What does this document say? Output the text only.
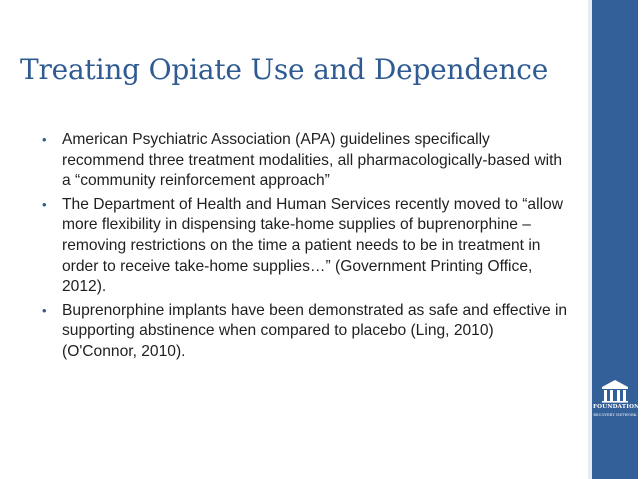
Treating Opiate Use and Dependence
• American Psychiatric Association (APA) guidelines specifically recommend three treatment modalities, all pharmacologically-based with a “community reinforcement approach”
• The Department of Health and Human Services recently moved to “allow more flexibility in dispensing take-home supplies of buprenorphine – removing restrictions on the time a patient needs to be in treatment in order to receive take-home supplies…” (Government Printing Office, 2012).
• Buprenorphine implants have been demonstrated as safe and effective in supporting abstinence when compared to placebo (Ling, 2010) (O'Connor, 2010).
FOUNDATIONS
RECOVERY NETWORK
